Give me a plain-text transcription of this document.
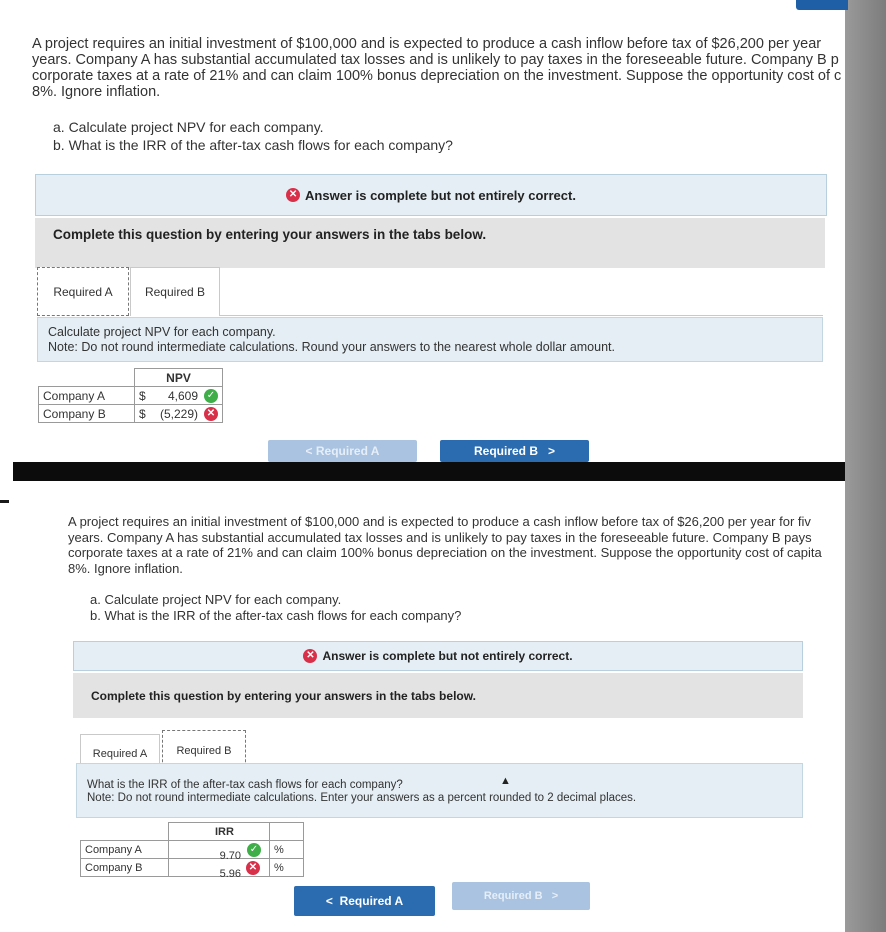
A project requires an initial investment of $100,000 and is expected to produce a cash inflow before tax of $26,200 per year
years. Company A has substantial accumulated tax losses and is unlikely to pay taxes in the foreseeable future. Company B p
corporate taxes at a rate of 21% and can claim 100% bonus depreciation on the investment. Suppose the opportunity cost of c
8%. Ignore inflation.
a. Calculate project NPV for each company.
b. What is the IRR of the after-tax cash flows for each company?
✕ Answer is complete but not entirely correct.
Complete this question by entering your answers in the tabs below.
Required A	Required B
Calculate project NPV for each company.
Note: Do not round intermediate calculations. Round your answers to the nearest whole dollar amount.
	NPV
Company A	$ 4,609 ✓

Company B	$ (5,229) ✕
< Required A	Required B >
A project requires an initial investment of $100,000 and is expected to produce a cash inflow before tax of $26,200 per year for fiv
years. Company A has substantial accumulated tax losses and is unlikely to pay taxes in the foreseeable future. Company B pays
corporate taxes at a rate of 21% and can claim 100% bonus depreciation on the investment. Suppose the opportunity cost of capita
8%. Ignore inflation.
a. Calculate project NPV for each company.
b. What is the IRR of the after-tax cash flows for each company?
✕ Answer is complete but not entirely correct.
Complete this question by entering your answers in the tabs below.
Required A	Required B
What is the IRR of the after-tax cash flows for each company?
Note: Do not round intermediate calculations. Enter your answers as a percent rounded to 2 decimal places.
▲
	IRR	
Company A	9.70 ✓	%
Company B	5.96 ✕	%
< Required A	Required B >
